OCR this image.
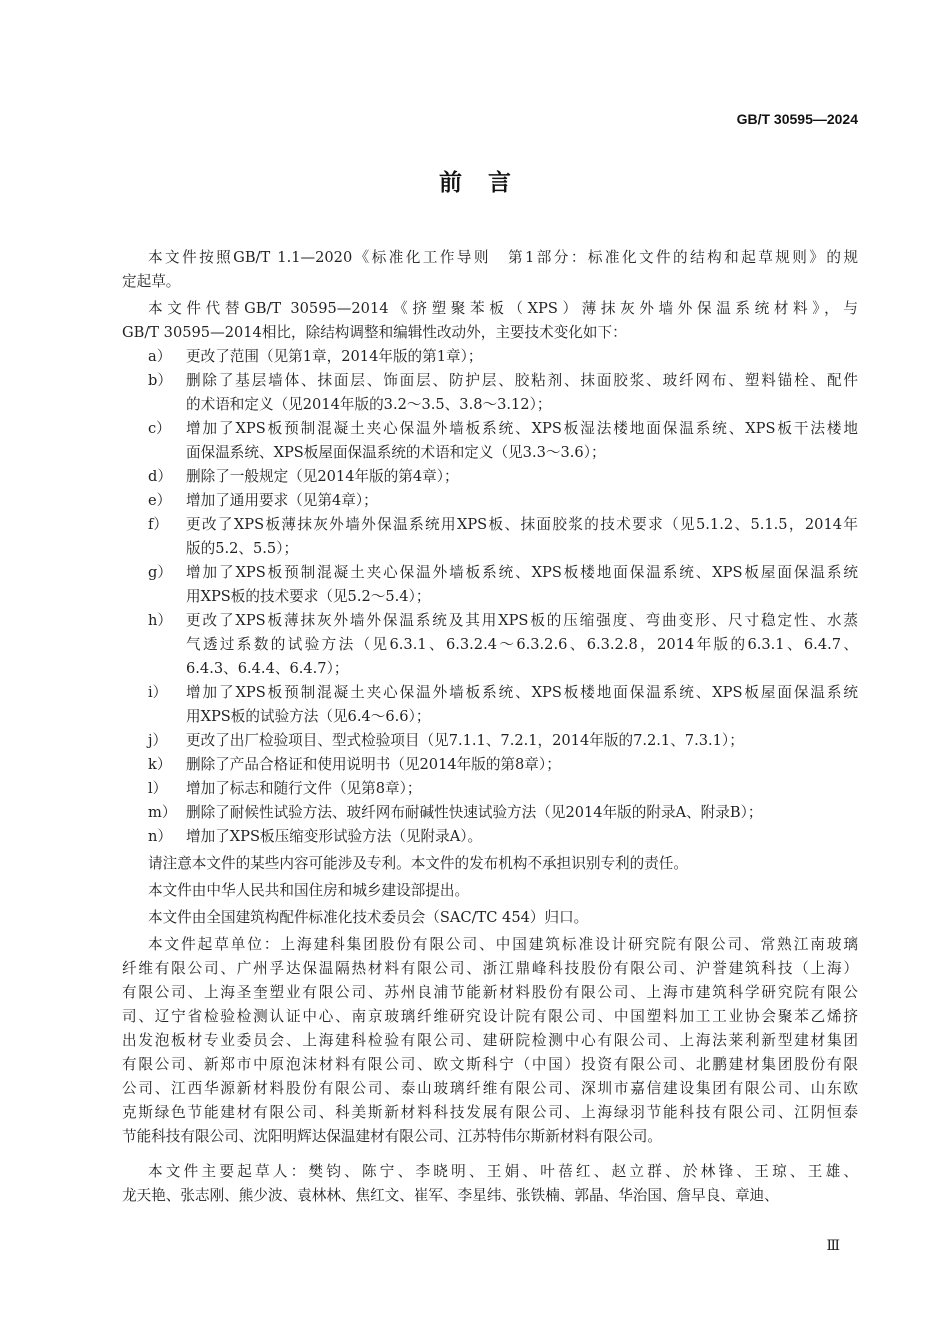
GB/T 30595—2024
前言
本文件按照GB/T 1.1—2020《标准化工作导则　第1部分：标准化文件的结构和起草规则》的规
定起草。
本文件代替GB/T 30595—2014《挤塑聚苯板（XPS）薄抹灰外墙外保温系统材料》，与
GB/T 30595—2014相比，除结构调整和编辑性改动外，主要技术变化如下：
a）	更改了范围（见第1章，2014年版的第1章）；
b） 删除了基层墙体、抹面层、饰面层、防护层、胶粘剂、抹面胶浆、玻纤网布、塑料锚栓、配件
的术语和定义（见2014年版的3.2～3.5、3.8～3.12）；
c）	增加了XPS板预制混凝土夹心保温外墙板系统、XPS板湿法楼地面保温系统、XPS板干法楼地
面保温系统、XPS板屋面保温系统的术语和定义（见3.3～3.6）；
d） 删除了一般规定（见2014年版的第4章）；
e）	增加了通用要求（见第4章）；
f）	更改了XPS板薄抹灰外墙外保温系统用XPS板、抹面胶浆的技术要求（见5.1.2、5.1.5，2014年
版的5.2、5.5）；
g） 增加了XPS板预制混凝土夹心保温外墙板系统、XPS板楼地面保温系统、XPS板屋面保温系统
用XPS板的技术要求（见5.2～5.4）；
h） 更改了XPS板薄抹灰外墙外保温系统及其用XPS板的压缩强度、弯曲变形、尺寸稳定性、水蒸
气透过系数的试验方法（见6.3.1、6.3.2.4～6.3.2.6、6.3.2.8，2014年版的6.3.1、6.4.7、
6.4.3、6.4.4、6.4.7）；
i）	增加了XPS板预制混凝土夹心保温外墙板系统、XPS板楼地面保温系统、XPS板屋面保温系统
用XPS板的试验方法（见6.4～6.6）；
j）	更改了出厂检验项目、型式检验项目（见7.1.1、7.2.1，2014年版的7.2.1、7.3.1）；
k） 删除了产品合格证和使用说明书（见2014年版的第8章）；
l）	增加了标志和随行文件（见第8章）；
m） 删除了耐候性试验方法、玻纤网布耐碱性快速试验方法（见2014年版的附录A、附录B）；
n） 增加了XPS板压缩变形试验方法（见附录A）。
请注意本文件的某些内容可能涉及专利。本文件的发布机构不承担识别专利的责任。
本文件由中华人民共和国住房和城乡建设部提出。
本文件由全国建筑构配件标准化技术委员会（SAC/TC 454）归口。
本文件起草单位：上海建科集团股份有限公司、中国建筑标准设计研究院有限公司、常熟江南玻璃
纤维有限公司、广州孚达保温隔热材料有限公司、浙江鼎峰科技股份有限公司、沪誉建筑科技（上海）
有限公司、上海圣奎塑业有限公司、苏州良浦节能新材料股份有限公司、上海市建筑科学研究院有限公
司、辽宁省检验检测认证中心、南京玻璃纤维研究设计院有限公司、中国塑料加工工业协会聚苯乙烯挤
出发泡板材专业委员会、上海建科检验有限公司、建研院检测中心有限公司、上海法莱利新型建材集团
有限公司、新郑市中原泡沫材料有限公司、欧文斯科宁（中国）投资有限公司、北鹏建材集团股份有限
公司、江西华源新材料股份有限公司、泰山玻璃纤维有限公司、深圳市嘉信建设集团有限公司、山东欧
克斯绿色节能建材有限公司、科美斯新材料科技发展有限公司、上海绿羽节能科技有限公司、江阴恒泰
节能科技有限公司、沈阳明辉达保温建材有限公司、江苏特伟尔斯新材料有限公司。
本文件主要起草人：樊钧、陈宁、李晓明、王娟、叶蓓红、赵立群、於林锋、王琼、王雄、
龙天艳、张志刚、熊少波、袁林林、焦红文、崔军、李星纬、张铁楠、郭晶、华治国、詹早良、章迪、
Ⅲ
